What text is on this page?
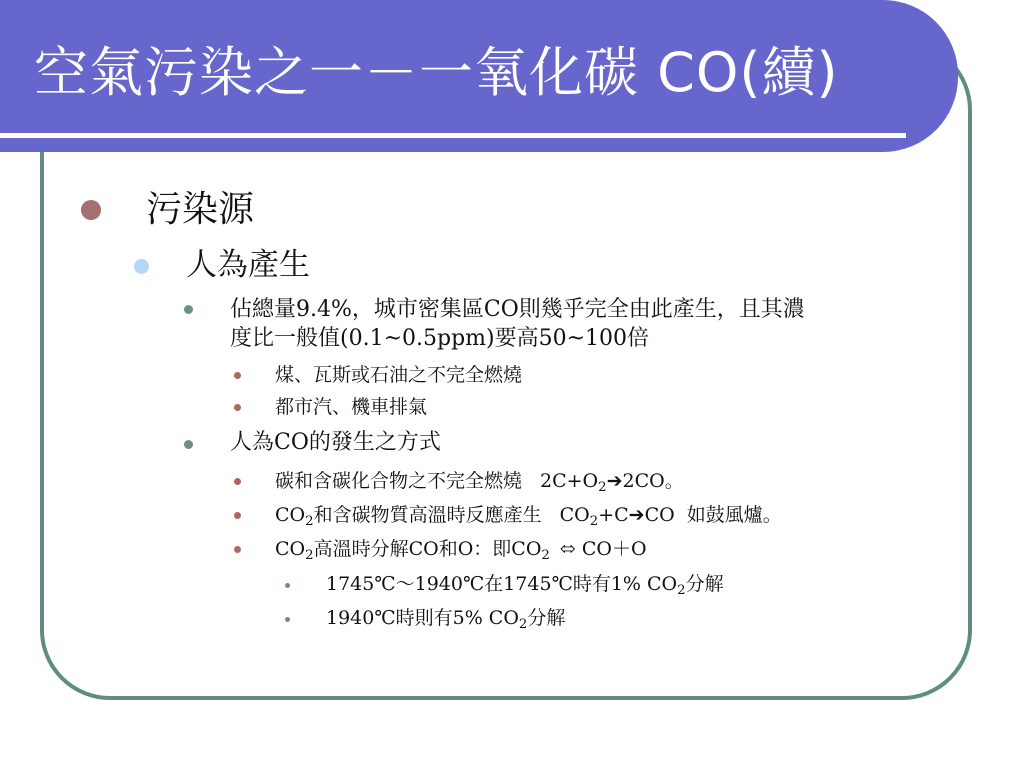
空氣污染之一－一氧化碳 CO(續)
污染源
人為產生
佔總量9.4%，城市密集區CO則幾乎完全由此產生，且其濃
度比一般值(0.1~0.5ppm)要高50~100倍
煤、瓦斯或石油之不完全燃燒
都市汽、機車排氣
人為CO的發生之方式
碳和含碳化合物之不完全燃燒 $2C+O_2➔2CO$。
$CO_2$和含碳物質高溫時反應產生 $CO_2+C➔CO$  如鼓風爐。
$CO_2$高溫時分解CO和O：即$CO_2$ ⬄ CO＋O
1745℃～1940℃在1745℃時有1% $CO_2$分解
1940℃時則有5% $CO_2$分解
